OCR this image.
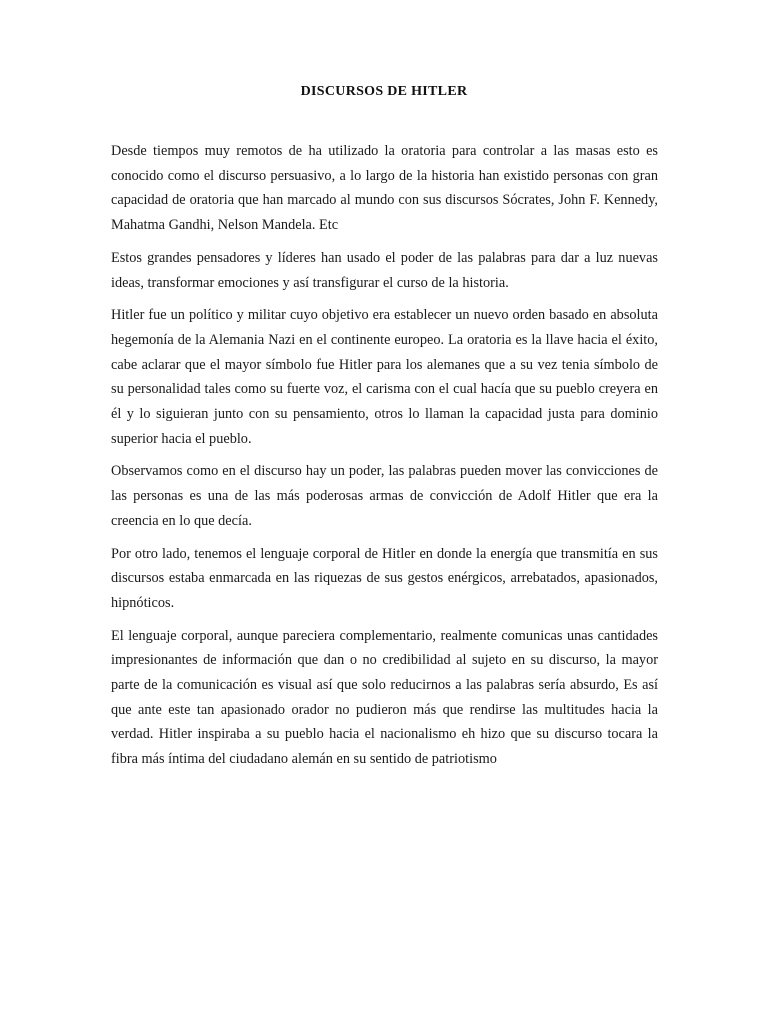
DISCURSOS DE HITLER

Desde tiempos muy remotos de ha utilizado la oratoria para controlar a las masas esto es conocido como el discurso persuasivo, a lo largo de la historia han existido personas con gran capacidad de oratoria que han marcado al mundo con sus discursos Sócrates, John F. Kennedy, Mahatma Gandhi, Nelson Mandela. Etc

Estos grandes pensadores y líderes han usado el poder de las palabras para dar a luz nuevas ideas, transformar emociones y así transfigurar el curso de la historia.

Hitler fue un político y militar cuyo objetivo era establecer un nuevo orden basado en absoluta hegemonía de la Alemania Nazi en el continente europeo. La oratoria es la llave hacia el éxito, cabe aclarar que el mayor símbolo fue Hitler para los alemanes que a su vez tenia símbolo de su personalidad tales como su fuerte voz, el carisma con el cual hacía que su pueblo creyera en él y lo siguieran junto con su pensamiento, otros lo llaman la capacidad justa para dominio superior hacia el pueblo.

Observamos como en el discurso hay un poder, las palabras pueden mover las convicciones de las personas es una de las más poderosas armas de convicción de Adolf Hitler que era la creencia en lo que decía.

Por otro lado, tenemos el lenguaje corporal de Hitler en donde la energía que transmitía en sus discursos estaba enmarcada en las riquezas de sus gestos enérgicos, arrebatados, apasionados, hipnóticos.

El lenguaje corporal, aunque pareciera complementario, realmente comunicas unas cantidades impresionantes de información que dan o no credibilidad al sujeto en su discurso, la mayor parte de la comunicación es visual así que solo reducirnos a las palabras sería absurdo, Es así que ante este tan apasionado orador no pudieron más que rendirse las multitudes hacia la verdad. Hitler inspiraba a su pueblo hacia el nacionalismo eh hizo que su discurso tocara la fibra más íntima del ciudadano alemán en su sentido de patriotismo
